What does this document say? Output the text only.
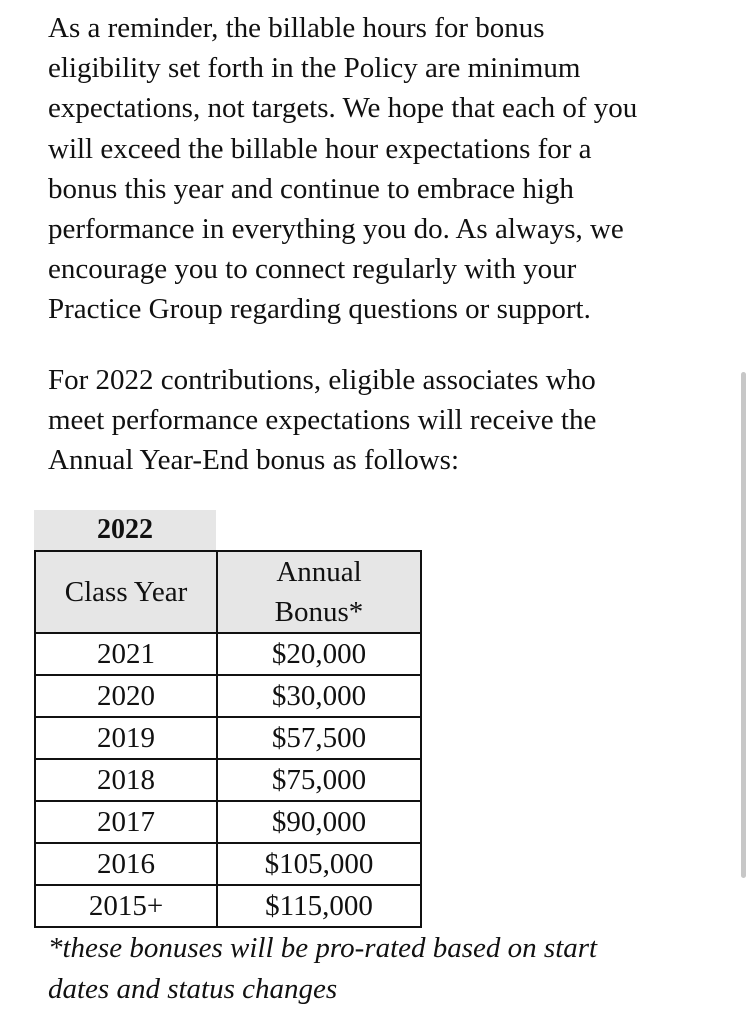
As a reminder, the billable hours for bonus
eligibility set forth in the Policy are minimum
expectations, not targets. We hope that each of you
will exceed the billable hour expectations for a
bonus this year and continue to embrace high
performance in everything you do. As always, we
encourage you to connect regularly with your
Practice Group regarding questions or support.

For 2022 contributions, eligible associates who
meet performance expectations will receive the
Annual Year-End bonus as follows:

2022
Class Year	Annual
Bonus*
2021	$20,000
2020	$30,000
2019	$57,500
2018	$75,000
2017	$90,000
2016	$105,000
2015+	$115,000

*these bonuses will be pro-rated based on start
dates and status changes
